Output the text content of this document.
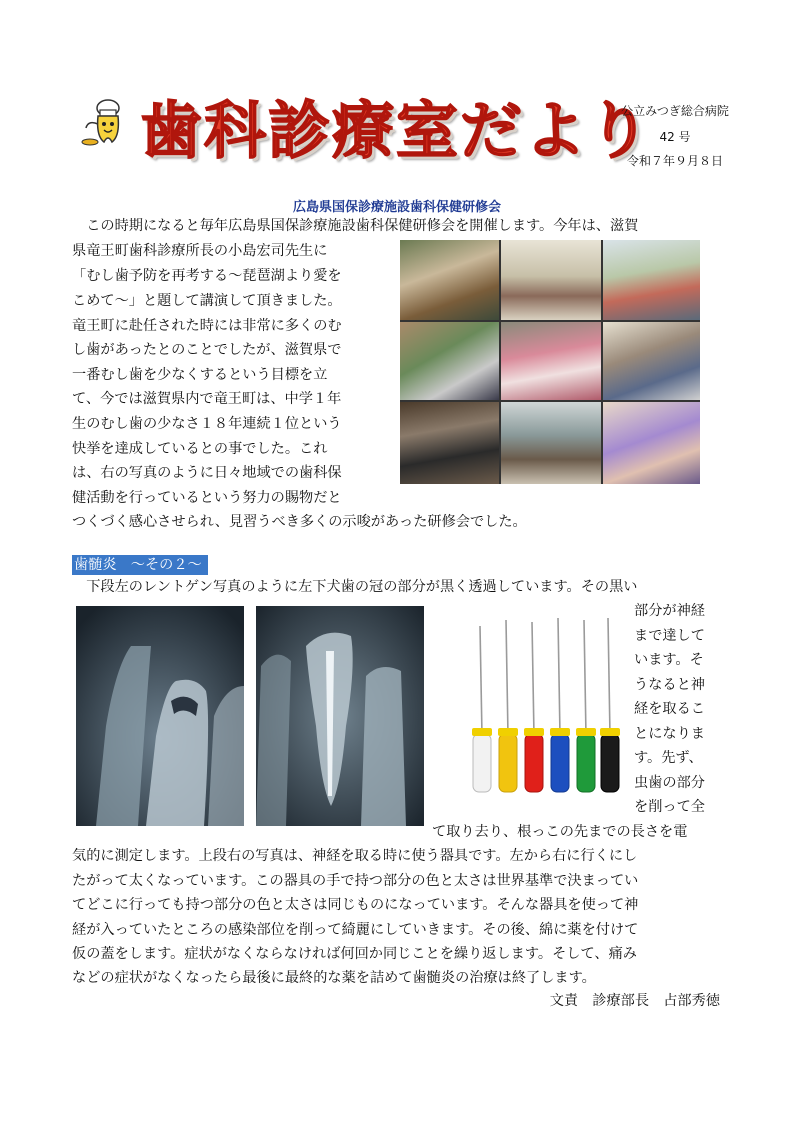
歯科診療室だより
公立みつぎ総合病院
42 号
令和７年９月８日
広島県国保診療施設歯科保健研修会
　この時期になると毎年広島県国保診療施設歯科保健研修会を開催します。今年は、滋賀
県竜王町歯科診療所長の小島宏司先生に
「むし歯予防を再考する～琵琶湖より愛を
こめて～」と題して講演して頂きました。
竜王町に赴任された時には非常に多くのむ
し歯があったとのことでしたが、滋賀県で
一番むし歯を少なくするという目標を立
て、今では滋賀県内で竜王町は、中学１年
生のむし歯の少なさ１８年連続１位という
快挙を達成しているとの事でした。これ
は、右の写真のように日々地域での歯科保
健活動を行っているという努力の賜物だと
つくづく感心させられ、見習うべき多くの示唆があった研修会でした。
歯髄炎　～その２～
　下段左のレントゲン写真のように左下犬歯の冠の部分が黒く透過しています。その黒い
部分が神経
まで達して
います。そ
うなると神
経を取るこ
とになりま
す。先ず、
虫歯の部分
を削って全
て取り去り、根っこの先までの長さを電
気的に測定します。上段右の写真は、神経を取る時に使う器具です。左から右に行くにし
たがって太くなっています。この器具の手で持つ部分の色と太さは世界基準で決まってい
てどこに行っても持つ部分の色と太さは同じものになっています。そんな器具を使って神
経が入っていたところの感染部位を削って綺麗にしていきます。その後、綿に薬を付けて
仮の蓋をします。症状がなくならなければ何回か同じことを繰り返します。そして、痛み
などの症状がなくなったら最後に最終的な薬を詰めて歯髄炎の治療は終了します。
文責　診療部長　占部秀徳
